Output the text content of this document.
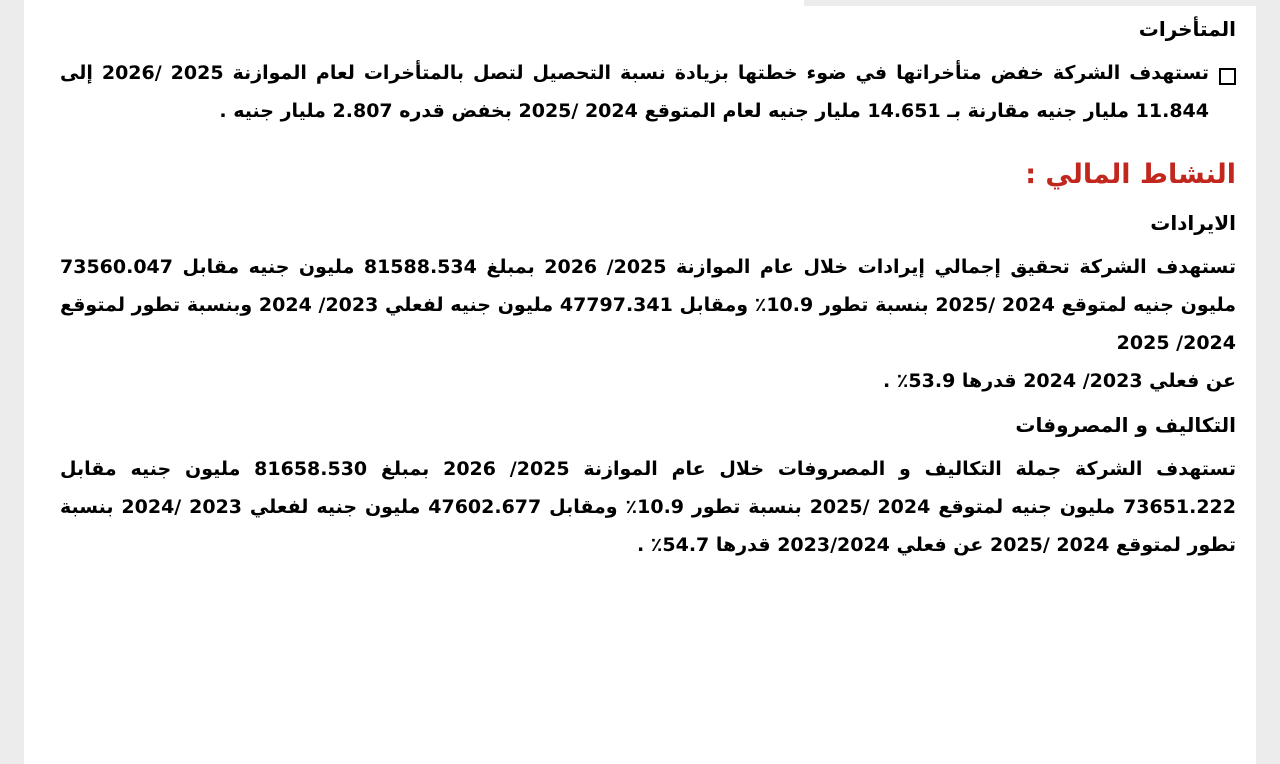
المتأخرات

تستهدف الشركة خفض متأخراتها في ضوء خطتها بزيادة نسبة التحصيل لتصل بالمتأخرات لعام الموازنة 2025 /2026 إلى 11.844 مليار جنيه مقارنة بـ 14.651 مليار جنيه لعام المتوقع 2024 /2025 بخفض قدره 2.807 مليار جنيه .

النشاط المالي :
الايرادات

تستهدف الشركة تحقيق إجمالي إيرادات خلال عام الموازنة 2025/ 2026 بمبلغ 81588.534 مليون جنيه مقابل 73560.047 مليون جنيه لمتوقع 2024 /2025 بنسبة تطور 10.9٪ ومقابل 47797.341 مليون جنيه لفعلي 2023/ 2024 وبنسبة تطور لمتوقع 2024/ 2025

عن فعلي 2023/ 2024 قدرها 53.9٪ .

التكاليف و المصروفات

تستهدف الشركة جملة التكاليف و المصروفات خلال عام الموازنة 2025/ 2026 بمبلغ 81658.530 مليون جنيه مقابل 73651.222 مليون جنيه لمتوقع 2024 /2025 بنسبة تطور 10.9٪ ومقابل 47602.677 مليون جنيه لفعلي 2023 /2024 بنسبة تطور لمتوقع 2024 /2025 عن فعلي 2023/2024 قدرها 54.7٪ .
